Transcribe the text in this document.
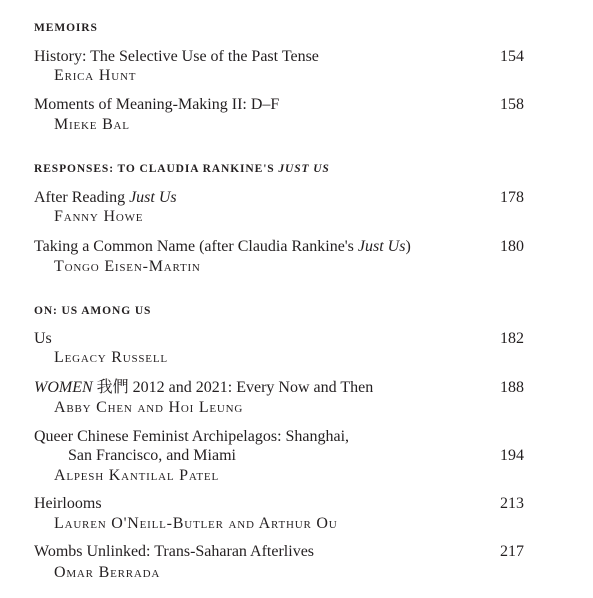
MEMOIRS
History: The Selective Use of the Past Tense	154
Erica Hunt
Moments of Meaning-Making II: D–F	158
Mieke Bal
RESPONSES: TO CLAUDIA RANKINE'S JUST US
After Reading Just Us	178
Fanny Howe
Taking a Common Name (after Claudia Rankine's Just Us)	180
Tongo Eisen-Martin
ON: US AMONG US
Us	182
Legacy Russell
WOMEN 我們 2012 and 2021: Every Now and Then	188
Abby Chen and Hoi Leung
Queer Chinese Feminist Archipelagos: Shanghai,
San Francisco, and Miami	194
Alpesh Kantilal Patel
Heirlooms	213
Lauren O'Neill-Butler and Arthur Ou
Wombs Unlinked: Trans-Saharan Afterlives	217
Omar Berrada
